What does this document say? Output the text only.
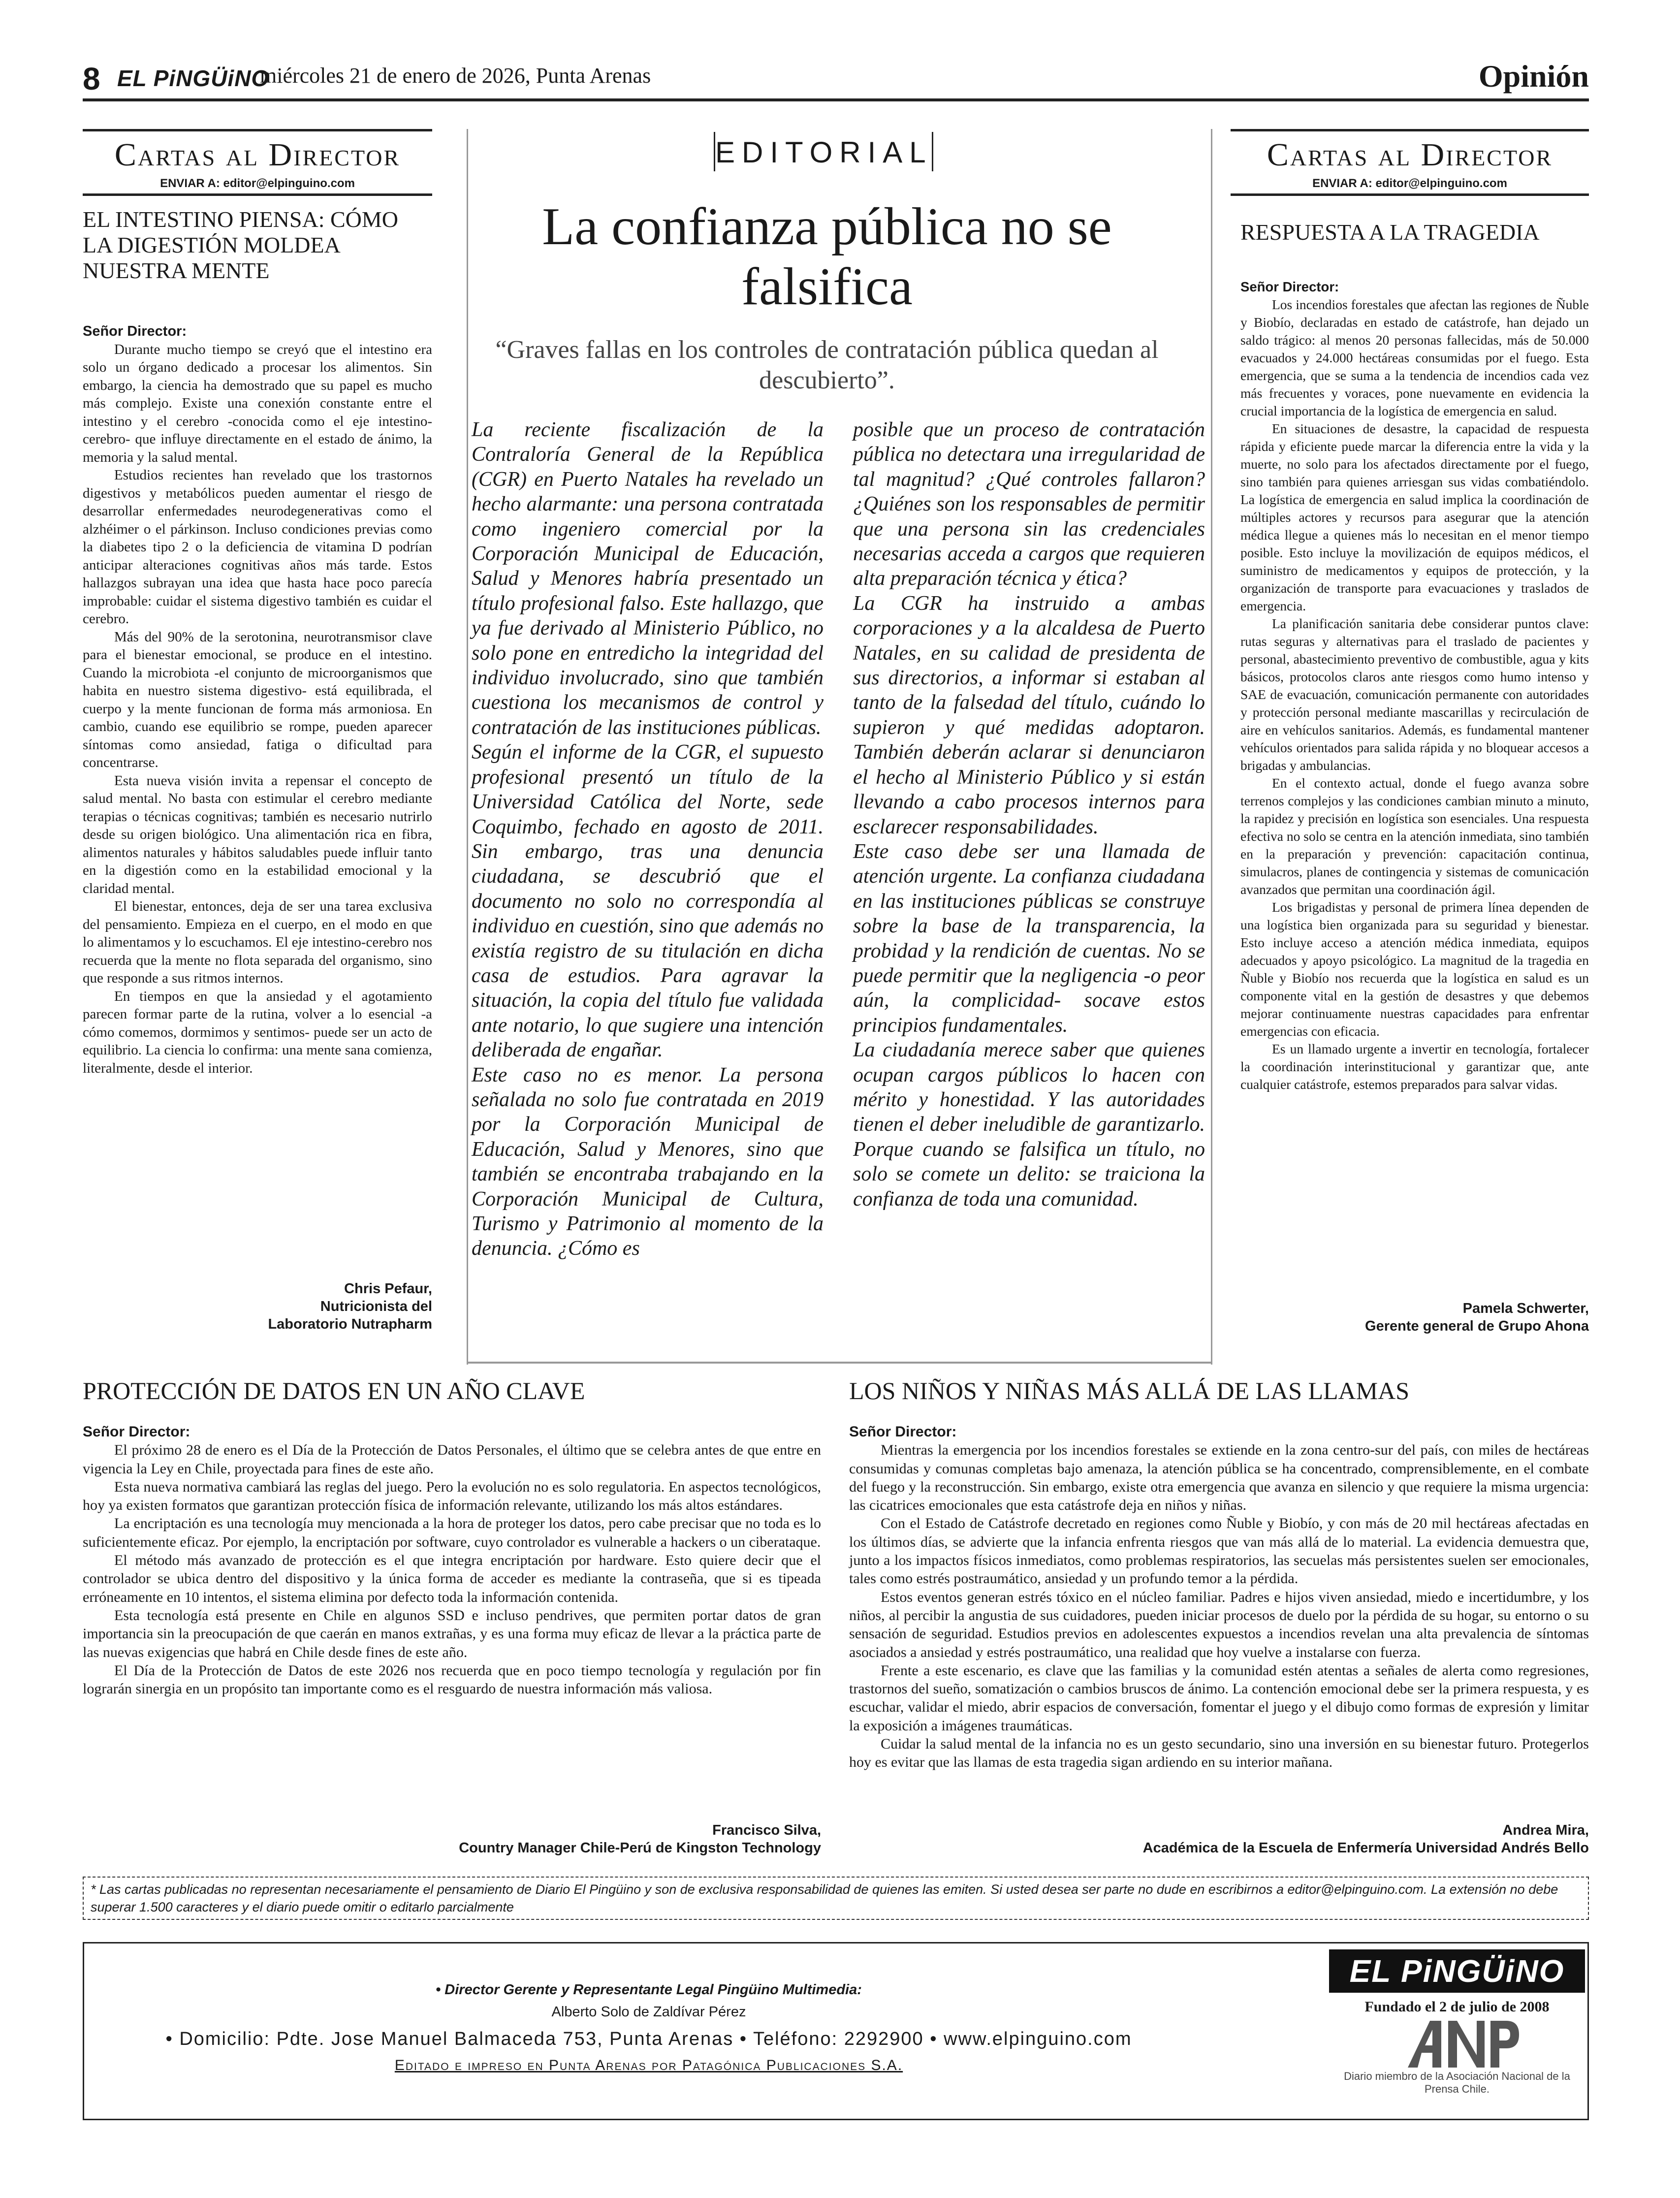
8 EL PiNGÜiNO
miércoles 21 de enero de 2026, Punta Arenas	Opinión
Cartas al Director
ENVIAR A: editor@elpinguino.com
EL INTESTINO PIENSA: CÓMO LA DIGESTIÓN MOLDEA NUESTRA MENTE

Señor Director:

Durante mucho tiempo se creyó que el intestino era solo un órgano dedicado a procesar los alimentos. Sin embargo, la ciencia ha demostrado que su papel es mucho más complejo. Existe una conexión constante entre el intestino y el cerebro -conocida como el eje intestino-cerebro- que influye directamente en el estado de ánimo, la memoria y la salud mental.

Estudios recientes han revelado que los trastornos digestivos y metabólicos pueden aumentar el riesgo de desarrollar enfermedades neurodegenerativas como el alzhéimer o el párkinson. Incluso condiciones previas como la diabetes tipo 2 o la deficiencia de vitamina D podrían anticipar alteraciones cognitivas años más tarde. Estos hallazgos subrayan una idea que hasta hace poco parecía improbable: cuidar el sistema digestivo también es cuidar el cerebro.

Más del 90% de la serotonina, neurotransmisor clave para el bienestar emocional, se produce en el intestino. Cuando la microbiota -el conjunto de microorganismos que habita en nuestro sistema digestivo- está equilibrada, el cuerpo y la mente funcionan de forma más armoniosa. En cambio, cuando ese equilibrio se rompe, pueden aparecer síntomas como ansiedad, fatiga o dificultad para concentrarse.

Esta nueva visión invita a repensar el concepto de salud mental. No basta con estimular el cerebro mediante terapias o técnicas cognitivas; también es necesario nutrirlo desde su origen biológico. Una alimentación rica en fibra, alimentos naturales y hábitos saludables puede influir tanto en la digestión como en la estabilidad emocional y la claridad mental.

El bienestar, entonces, deja de ser una tarea exclusiva del pensamiento. Empieza en el cuerpo, en el modo en que lo alimentamos y lo escuchamos. El eje intestino-cerebro nos recuerda que la mente no flota separada del organismo, sino que responde a sus ritmos internos.

En tiempos en que la ansiedad y el agotamiento parecen formar parte de la rutina, volver a lo esencial -a cómo comemos, dormimos y sentimos- puede ser un acto de equilibrio. La ciencia lo confirma: una mente sana comienza, literalmente, desde el interior.

Chris Pefaur,
Nutricionista del
Laboratorio Nutrapharm
EDITORIAL
La confianza pública no se falsifica
“Graves fallas en los controles de contratación pública quedan al descubierto”.

La reciente fiscalización de la Contraloría General de la República (CGR) en Puerto Natales ha revelado un hecho alarmante: una persona contratada como ingeniero comercial por la Corporación Municipal de Educación, Salud y Menores habría presentado un título profesional falso. Este hallazgo, que ya fue derivado al Ministerio Público, no solo pone en entredicho la integridad del individuo involucrado, sino que también cuestiona los mecanismos de control y contratación de las instituciones públicas.

Según el informe de la CGR, el supuesto profesional presentó un título de la Universidad Católica del Norte, sede Coquimbo, fechado en agosto de 2011. Sin embargo, tras una denuncia ciudadana, se descubrió que el documento no solo no correspondía al individuo en cuestión, sino que además no existía registro de su titulación en dicha casa de estudios. Para agravar la situación, la copia del título fue validada ante notario, lo que sugiere una intención deliberada de engañar.

Este caso no es menor. La persona señalada no solo fue contratada en 2019 por la Corporación Municipal de Educación, Salud y Menores, sino que también se encontraba trabajando en la Corporación Municipal de Cultura, Turismo y Patrimonio al momento de la denuncia. ¿Cómo es

posible que un proceso de contratación pública no detectara una irregularidad de tal magnitud? ¿Qué controles fallaron? ¿Quiénes son los responsables de permitir que una persona sin las credenciales necesarias acceda a cargos que requieren alta preparación técnica y ética?

La CGR ha instruido a ambas corporaciones y a la alcaldesa de Puerto Natales, en su calidad de presidenta de sus directorios, a informar si estaban al tanto de la falsedad del título, cuándo lo supieron y qué medidas adoptaron. También deberán aclarar si denunciaron el hecho al Ministerio Público y si están llevando a cabo procesos internos para esclarecer responsabilidades.

Este caso debe ser una llamada de atención urgente. La confianza ciudadana en las instituciones públicas se construye sobre la base de la transparencia, la probidad y la rendición de cuentas. No se puede permitir que la negligencia -o peor aún, la complicidad- socave estos principios fundamentales.

La ciudadanía merece saber que quienes ocupan cargos públicos lo hacen con mérito y honestidad. Y las autoridades tienen el deber ineludible de garantizarlo. Porque cuando se falsifica un título, no solo se comete un delito: se traiciona la confianza de toda una comunidad.

Cartas al Director
ENVIAR A: editor@elpinguino.com
RESPUESTA A LA TRAGEDIA

Señor Director:

Los incendios forestales que afectan las regiones de Ñuble y Biobío, declaradas en estado de catástrofe, han dejado un saldo trágico: al menos 20 personas fallecidas, más de 50.000 evacuados y 24.000 hectáreas consumidas por el fuego. Esta emergencia, que se suma a la tendencia de incendios cada vez más frecuentes y voraces, pone nuevamente en evidencia la crucial importancia de la logística de emergencia en salud.

En situaciones de desastre, la capacidad de respuesta rápida y eficiente puede marcar la diferencia entre la vida y la muerte, no solo para los afectados directamente por el fuego, sino también para quienes arriesgan sus vidas combatiéndolo. La logística de emergencia en salud implica la coordinación de múltiples actores y recursos para asegurar que la atención médica llegue a quienes más lo necesitan en el menor tiempo posible. Esto incluye la movilización de equipos médicos, el suministro de medicamentos y equipos de protección, y la organización de transporte para evacuaciones y traslados de emergencia.

La planificación sanitaria debe considerar puntos clave: rutas seguras y alternativas para el traslado de pacientes y personal, abastecimiento preventivo de combustible, agua y kits básicos, protocolos claros ante riesgos como humo intenso y SAE de evacuación, comunicación permanente con autoridades y protección personal mediante mascarillas y recirculación de aire en vehículos sanitarios. Además, es fundamental mantener vehículos orientados para salida rápida y no bloquear accesos a brigadas y ambulancias.

En el contexto actual, donde el fuego avanza sobre terrenos complejos y las condiciones cambian minuto a minuto, la rapidez y precisión en logística son esenciales. Una respuesta efectiva no solo se centra en la atención inmediata, sino también en la preparación y prevención: capacitación continua, simulacros, planes de contingencia y sistemas de comunicación avanzados que permitan una coordinación ágil.

Los brigadistas y personal de primera línea dependen de una logística bien organizada para su seguridad y bienestar. Esto incluye acceso a atención médica inmediata, equipos adecuados y apoyo psicológico. La magnitud de la tragedia en Ñuble y Biobío nos recuerda que la logística en salud es un componente vital en la gestión de desastres y que debemos mejorar continuamente nuestras capacidades para enfrentar emergencias con eficacia.

Es un llamado urgente a invertir en tecnología, fortalecer la coordinación interinstitucional y garantizar que, ante cualquier catástrofe, estemos preparados para salvar vidas.

Pamela Schwerter,
Gerente general de Grupo Ahona
PROTECCIÓN DE DATOS EN UN AÑO CLAVE

Señor Director:

El próximo 28 de enero es el Día de la Protección de Datos Personales, el último que se celebra antes de que entre en vigencia la Ley en Chile, proyectada para fines de este año.

Esta nueva normativa cambiará las reglas del juego. Pero la evolución no es solo regulatoria. En aspectos tecnológicos, hoy ya existen formatos que garantizan protección física de información relevante, utilizando los más altos estándares.

La encriptación es una tecnología muy mencionada a la hora de proteger los datos, pero cabe precisar que no toda es lo suficientemente eficaz. Por ejemplo, la encriptación por software, cuyo controlador es vulnerable a hackers o un ciberataque.

El método más avanzado de protección es el que integra encriptación por hardware. Esto quiere decir que el controlador se ubica dentro del dispositivo y la única forma de acceder es mediante la contraseña, que si es tipeada erróneamente en 10 intentos, el sistema elimina por defecto toda la información contenida.

Esta tecnología está presente en Chile en algunos SSD e incluso pendrives, que permiten portar datos de gran importancia sin la preocupación de que caerán en manos extrañas, y es una forma muy eficaz de llevar a la práctica parte de las nuevas exigencias que habrá en Chile desde fines de este año.

El Día de la Protección de Datos de este 2026 nos recuerda que en poco tiempo tecnología y regulación por fin lograrán sinergia en un propósito tan importante como es el resguardo de nuestra información más valiosa.

Francisco Silva,
Country Manager Chile-Perú de Kingston Technology
LOS NIÑOS Y NIÑAS MÁS ALLÁ DE LAS LLAMAS

Señor Director:

Mientras la emergencia por los incendios forestales se extiende en la zona centro-sur del país, con miles de hectáreas consumidas y comunas completas bajo amenaza, la atención pública se ha concentrado, comprensiblemente, en el combate del fuego y la reconstrucción. Sin embargo, existe otra emergencia que avanza en silencio y que requiere la misma urgencia: las cicatrices emocionales que esta catástrofe deja en niños y niñas.

Con el Estado de Catástrofe decretado en regiones como Ñuble y Biobío, y con más de 20 mil hectáreas afectadas en los últimos días, se advierte que la infancia enfrenta riesgos que van más allá de lo material. La evidencia demuestra que, junto a los impactos físicos inmediatos, como problemas respiratorios, las secuelas más persistentes suelen ser emocionales, tales como estrés postraumático, ansiedad y un profundo temor a la pérdida.

Estos eventos generan estrés tóxico en el núcleo familiar. Padres e hijos viven ansiedad, miedo e incertidumbre, y los niños, al percibir la angustia de sus cuidadores, pueden iniciar procesos de duelo por la pérdida de su hogar, su entorno o su sensación de seguridad. Estudios previos en adolescentes expuestos a incendios revelan una alta prevalencia de síntomas asociados a ansiedad y estrés postraumático, una realidad que hoy vuelve a instalarse con fuerza.

Frente a este escenario, es clave que las familias y la comunidad estén atentas a señales de alerta como regresiones, trastornos del sueño, somatización o cambios bruscos de ánimo. La contención emocional debe ser la primera respuesta, y es escuchar, validar el miedo, abrir espacios de conversación, fomentar el juego y el dibujo como formas de expresión y limitar la exposición a imágenes traumáticas.

Cuidar la salud mental de la infancia no es un gesto secundario, sino una inversión en su bienestar futuro. Protegerlos hoy es evitar que las llamas de esta tragedia sigan ardiendo en su interior mañana.

Andrea Mira,
Académica de la Escuela de Enfermería Universidad Andrés Bello
* Las cartas publicadas no representan necesariamente el pensamiento de Diario El Pingüino y son de exclusiva responsabilidad de quienes las emiten. Si usted desea ser parte no dude en escribirnos a editor@elpinguino.com. La extensión no debe superar 1.500 caracteres y el diario puede omitir o editarlo parcialmente
• Director Gerente y Representante Legal Pingüino Multimedia:
Alberto Solo de Zaldívar Pérez
• Domicilio: Pdte. Jose Manuel Balmaceda 753, Punta Arenas • Teléfono: 2292900 • www.elpinguino.com
Editado e impreso en Punta Arenas por Patagónica Publicaciones S.A.
EL PiNGÜiNO
Fundado el 2 de julio de 2008
ANP
Diario miembro de la Asociación Nacional de la Prensa Chile.
